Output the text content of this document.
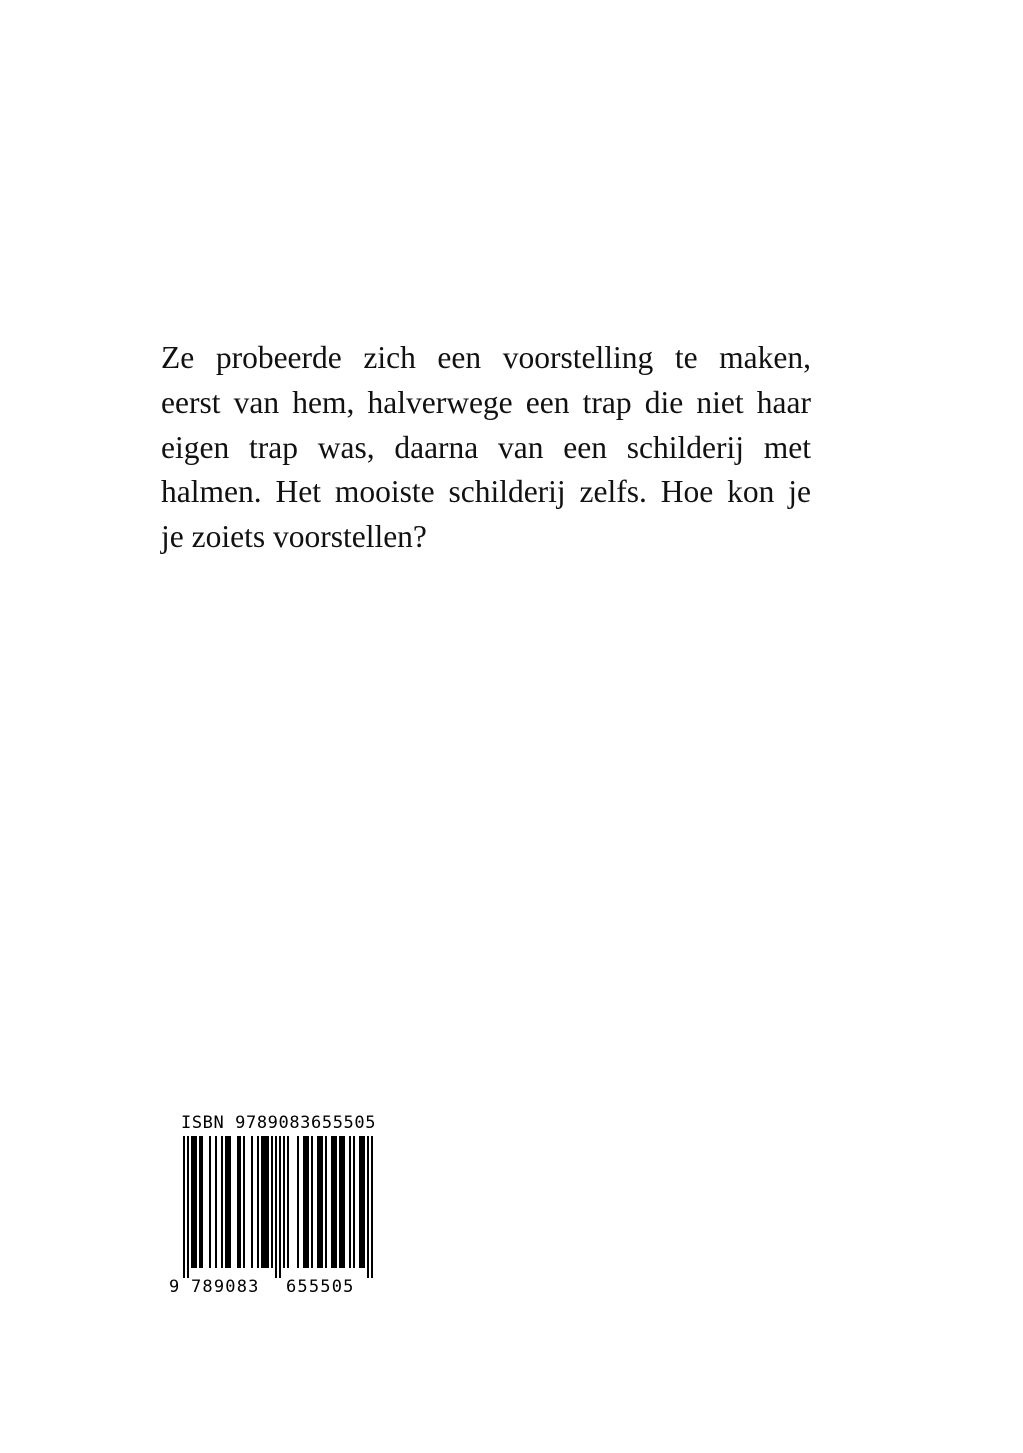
Ze probeerde zich een voorstelling te maken,
eerst van hem, halverwege een trap die niet haar
eigen trap was, daarna van een schilderij met
halmen. Het mooiste schilderij zelfs. Hoe kon je
je zoiets voorstellen?

ISBN 9789083655505
9 789083 655505
